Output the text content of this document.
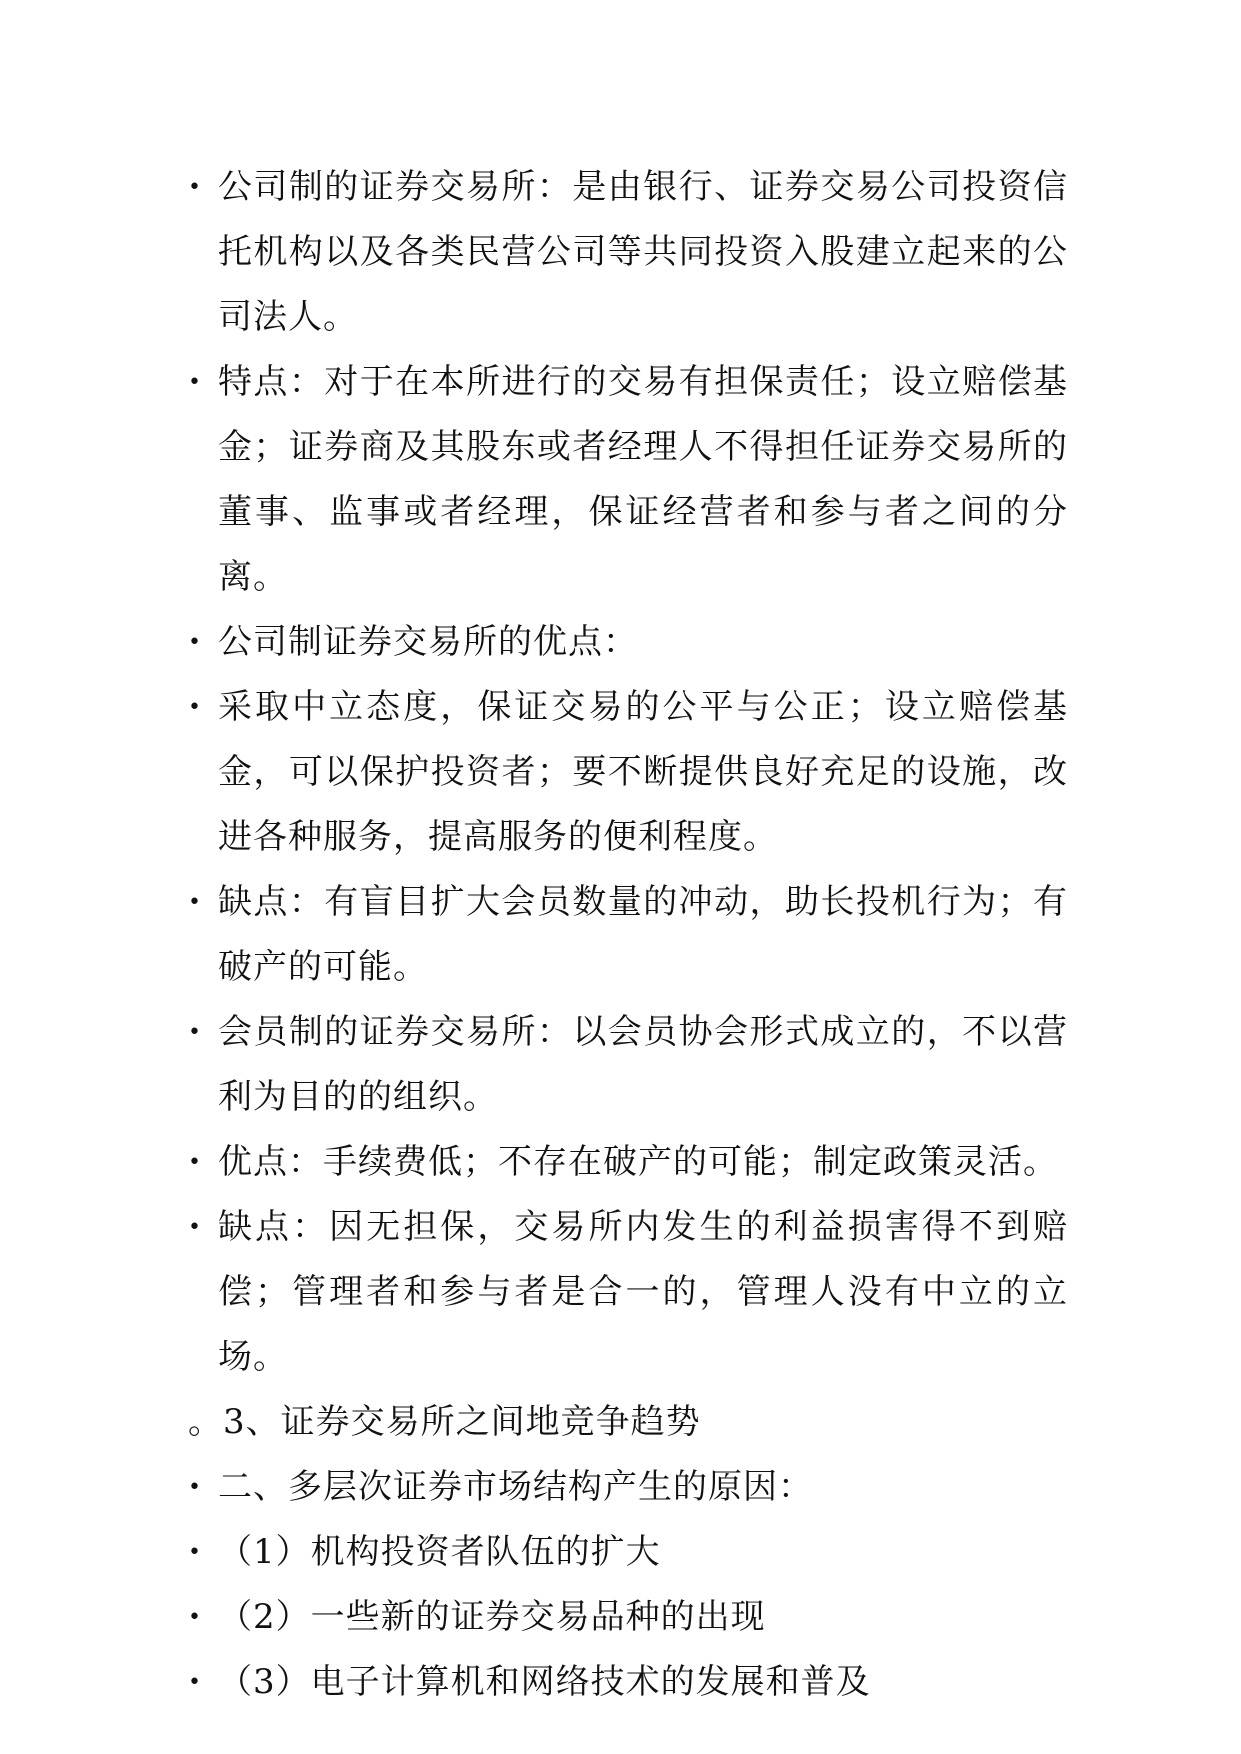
• 公司制的证券交易所：是由银行、证券交易公司投资信托机构以及各类民营公司等共同投资入股建立起来的公司法人。
• 特点：对于在本所进行的交易有担保责任；设立赔偿基金；证券商及其股东或者经理人不得担任证券交易所的董事、监事或者经理，保证经营者和参与者之间的分离。
• 公司制证券交易所的优点：
• 采取中立态度，保证交易的公平与公正；设立赔偿基金，可以保护投资者；要不断提供良好充足的设施，改进各种服务，提高服务的便利程度。
• 缺点：有盲目扩大会员数量的冲动，助长投机行为；有破产的可能。
• 会员制的证券交易所：以会员协会形式成立的，不以营利为目的的组织。
• 优点：手续费低；不存在破产的可能；制定政策灵活。
• 缺点：因无担保，交易所内发生的利益损害得不到赔偿；管理者和参与者是合一的，管理人没有中立的立场。
。3、证券交易所之间地竞争趋势
• 二、多层次证券市场结构产生的原因：
• （1）机构投资者队伍的扩大
• （2）一些新的证券交易品种的出现
• （3）电子计算机和网络技术的发展和普及
